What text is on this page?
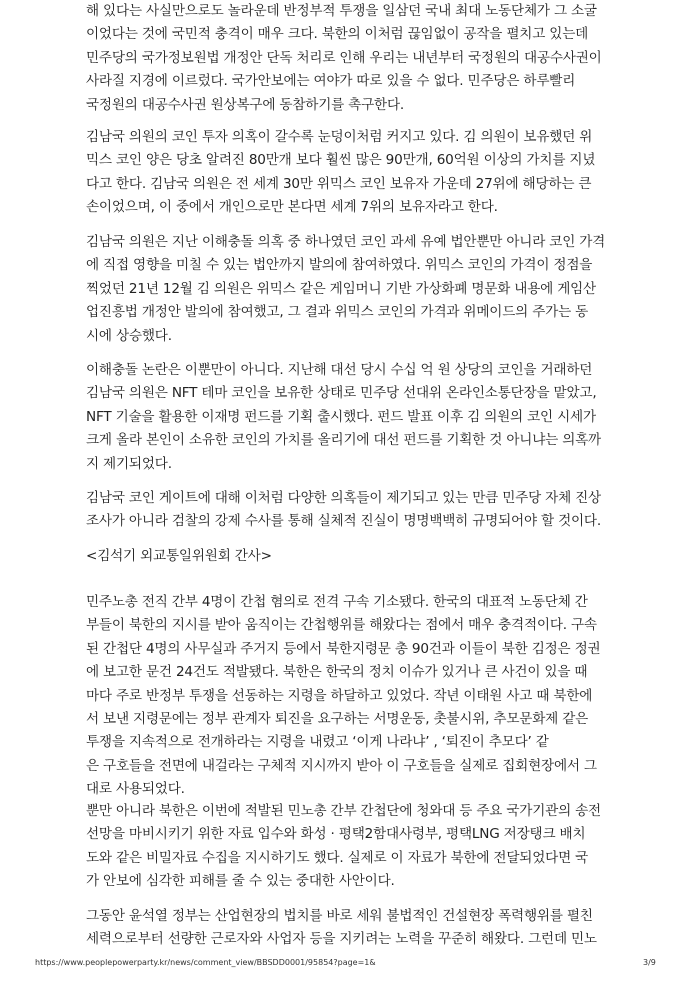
해 있다는 사실만으로도 놀라운데 반정부적 투쟁을 일삼던 국내 최대 노동단체가 그 소굴
이었다는 것에 국민적 충격이 매우 크다. 북한의 이처럼 끊임없이 공작을 펼치고 있는데
민주당의 국가정보원법 개정안 단독 처리로 인해 우리는 내년부터 국정원의 대공수사권이
사라질 지경에 이르렀다. 국가안보에는 여야가 따로 있을 수 없다. 민주당은 하루빨리
국정원의 대공수사권 원상복구에 동참하기를 촉구한다.

김남국 의원의 코인 투자 의혹이 갈수록 눈덩이처럼 커지고 있다. 김 의원이 보유했던 위
믹스 코인 양은 당초 알려진 80만개 보다 훨씬 많은 90만개, 60억원 이상의 가치를 지녔
다고 한다. 김남국 의원은 전 세계 30만 위믹스 코인 보유자 가운데 27위에 해당하는 큰
손이었으며, 이 중에서 개인으로만 본다면 세계 7위의 보유자라고 한다.

김남국 의원은 지난 이해충돌 의혹 중 하나였던 코인 과세 유예 법안뿐만 아니라 코인 가격
에 직접 영향을 미칠 수 있는 법안까지 발의에 참여하였다. 위믹스 코인의 가격이 정점을
찍었던 21년 12월 김 의원은 위믹스 같은 게임머니 기반 가상화폐 명문화 내용에 게임산
업진흥법 개정안 발의에 참여했고, 그 결과 위믹스 코인의 가격과 위메이드의 주가는 동
시에 상승했다.

이해충돌 논란은 이뿐만이 아니다. 지난해 대선 당시 수십 억 원 상당의 코인을 거래하던
김남국 의원은 NFT 테마 코인을 보유한 상태로 민주당 선대위 온라인소통단장을 맡았고,
NFT 기술을 활용한 이재명 펀드를 기획 출시했다. 펀드 발표 이후 김 의원의 코인 시세가
크게 올라 본인이 소유한 코인의 가치를 올리기에 대선 펀드를 기획한 것 아니냐는 의혹까
지 제기되었다.

김남국 코인 게이트에 대해 이처럼 다양한 의혹들이 제기되고 있는 만큼 민주당 자체 진상
조사가 아니라 검찰의 강제 수사를 통해 실체적 진실이 명명백백히 규명되어야 할 것이다.

<김석기 외교통일위원회 간사>

민주노총 전직 간부 4명이 간첩 혐의로 전격 구속 기소됐다. 한국의 대표적 노동단체 간
부들이 북한의 지시를 받아 움직이는 간첩행위를 해왔다는 점에서 매우 충격적이다. 구속
된 간첩단 4명의 사무실과 주거지 등에서 북한지령문 총 90건과 이들이 북한 김정은 정권
에 보고한 문건 24건도 적발됐다. 북한은 한국의 정치 이슈가 있거나 큰 사건이 있을 때
마다 주로 반정부 투쟁을 선동하는 지령을 하달하고 있었다. 작년 이태원 사고 때 북한에
서 보낸 지령문에는 정부 관계자 퇴진을 요구하는 서명운동, 촛불시위, 추모문화제 같은
투쟁을 지속적으로 전개하라는 지령을 내렸고 ‘이게 나라냐’ , ‘퇴진이 추모다’ 같
은 구호들을 전면에 내걸라는 구체적 지시까지 받아 이 구호들을 실제로 집회현장에서 그
대로 사용되었다.

뿐만 아니라 북한은 이번에 적발된 민노총 간부 간첩단에 청와대 등 주요 국가기관의 송전
선망을 마비시키기 위한 자료 입수와 화성 · 평택2함대사령부, 평택LNG 저장탱크 배치
도와 같은 비밀자료 수집을 지시하기도 했다. 실제로 이 자료가 북한에 전달되었다면 국
가 안보에 심각한 피해를 줄 수 있는 중대한 사안이다.

그동안 윤석열 정부는 산업현장의 법치를 바로 세워 불법적인 건설현장 폭력행위를 펼친
세력으로부터 선량한 근로자와 사업자 등을 지키려는 노력을 꾸준히 해왔다. 그런데 민노

https://www.peoplepowerparty.kr/news/comment_view/BBSDD0001/95854?page=1&	3/9
